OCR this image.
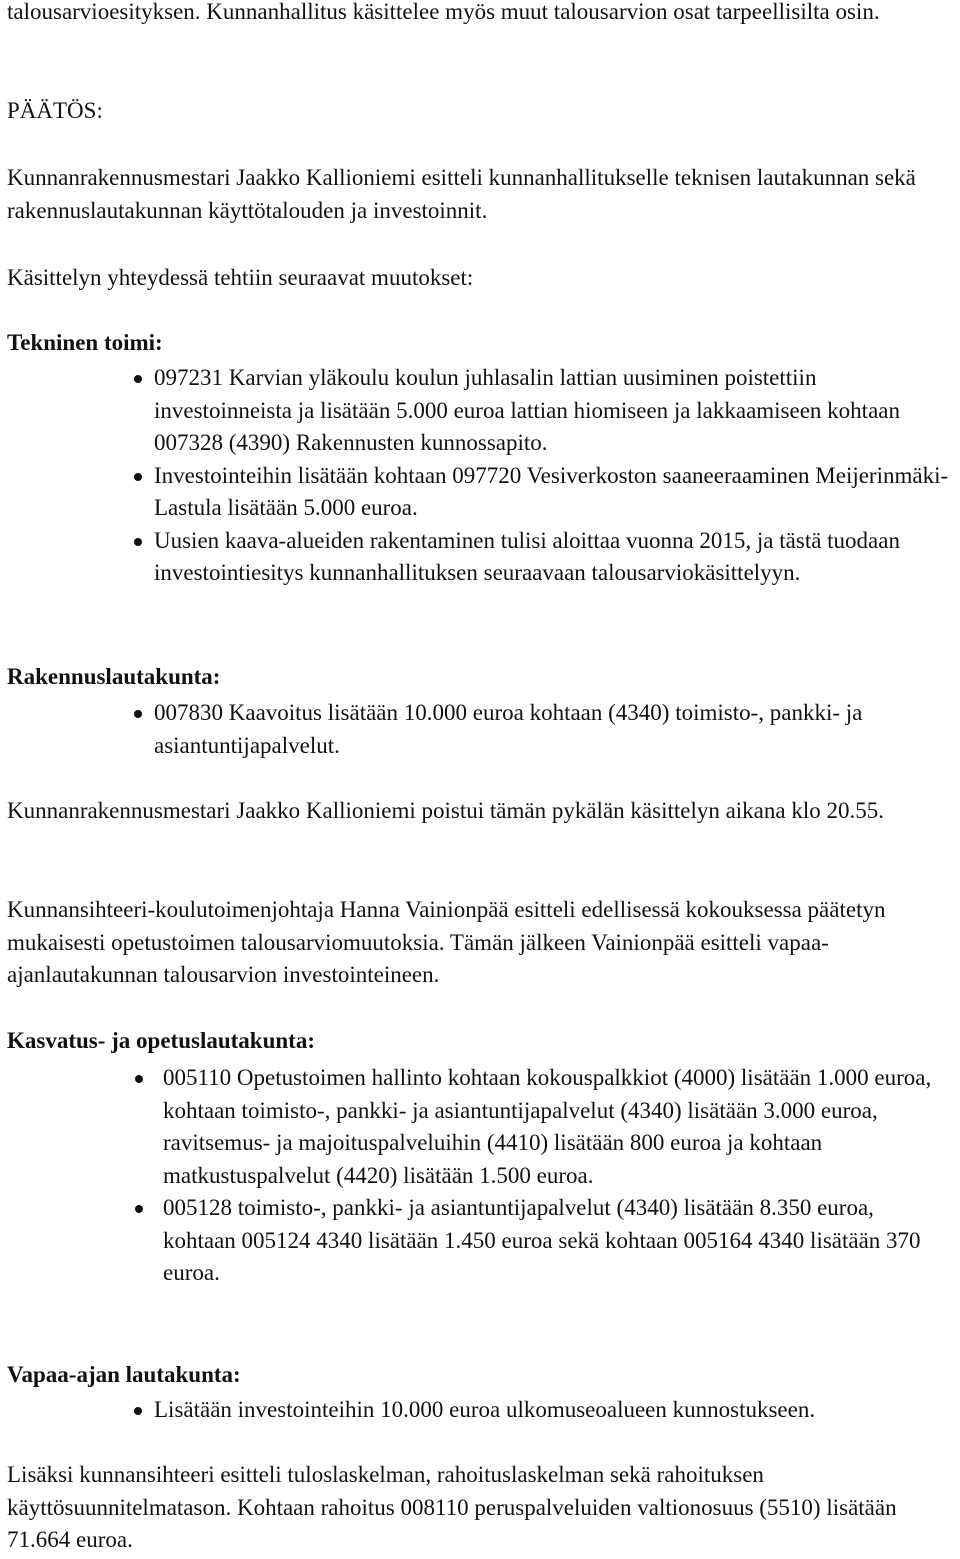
talousarvioesityksen. Kunnanhallitus käsittelee myös muut talousarvion osat tarpeellisilta osin.

PÄÄTÖS:

Kunnanrakennusmestari Jaakko Kallioniemi esitteli kunnanhallitukselle teknisen lautakunnan sekä rakennuslautakunnan käyttötalouden ja investoinnit.

Käsittelyn yhteydessä tehtiin seuraavat muutokset:

Tekninen toimi:

097231 Karvian yläkoulu koulun juhlasalin lattian uusiminen poistettiin investoinneista ja lisätään 5.000 euroa lattian hiomiseen ja lakkaamiseen kohtaan 007328 (4390) Rakennusten kunnossapito.
Investointeihin lisätään kohtaan 097720 Vesiverkoston saaneeraaminen Meijerinmäki-Lastula lisätään 5.000 euroa.
Uusien kaava-alueiden rakentaminen tulisi aloittaa vuonna 2015, ja tästä tuodaan investointiesitys kunnanhallituksen seuraavaan talousarviokäsittelyyn.

Rakennuslautakunta:

007830 Kaavoitus lisätään 10.000 euroa kohtaan (4340) toimisto-, pankki- ja asiantuntijapalvelut.

Kunnanrakennusmestari Jaakko Kallioniemi poistui tämän pykälän käsittelyn aikana klo 20.55.

Kunnansihteeri-koulutoimenjohtaja Hanna Vainionpää esitteli edellisessä kokouksessa päätetyn mukaisesti opetustoimen talousarviomuutoksia. Tämän jälkeen Vainionpää esitteli vapaa-ajanlautakunnan talousarvion investointeineen.

Kasvatus- ja opetuslautakunta:

005110 Opetustoimen hallinto kohtaan kokouspalkkiot (4000) lisätään 1.000 euroa, kohtaan toimisto-, pankki- ja asiantuntijapalvelut (4340) lisätään 3.000 euroa, ravitsemus- ja majoituspalveluihin (4410) lisätään 800 euroa ja kohtaan matkustuspalvelut (4420) lisätään 1.500 euroa.
005128 toimisto-, pankki- ja asiantuntijapalvelut (4340) lisätään 8.350 euroa, kohtaan 005124 4340 lisätään 1.450 euroa sekä kohtaan 005164 4340 lisätään 370 euroa.

Vapaa-ajan lautakunta:

Lisätään investointeihin 10.000 euroa ulkomuseoalueen kunnostukseen.

Lisäksi kunnansihteeri esitteli tuloslaskelman, rahoituslaskelman sekä rahoituksen käyttösuunnitelmatason. Kohtaan rahoitus 008110 peruspalveluiden valtionosuus (5510) lisätään 71.664 euroa.
